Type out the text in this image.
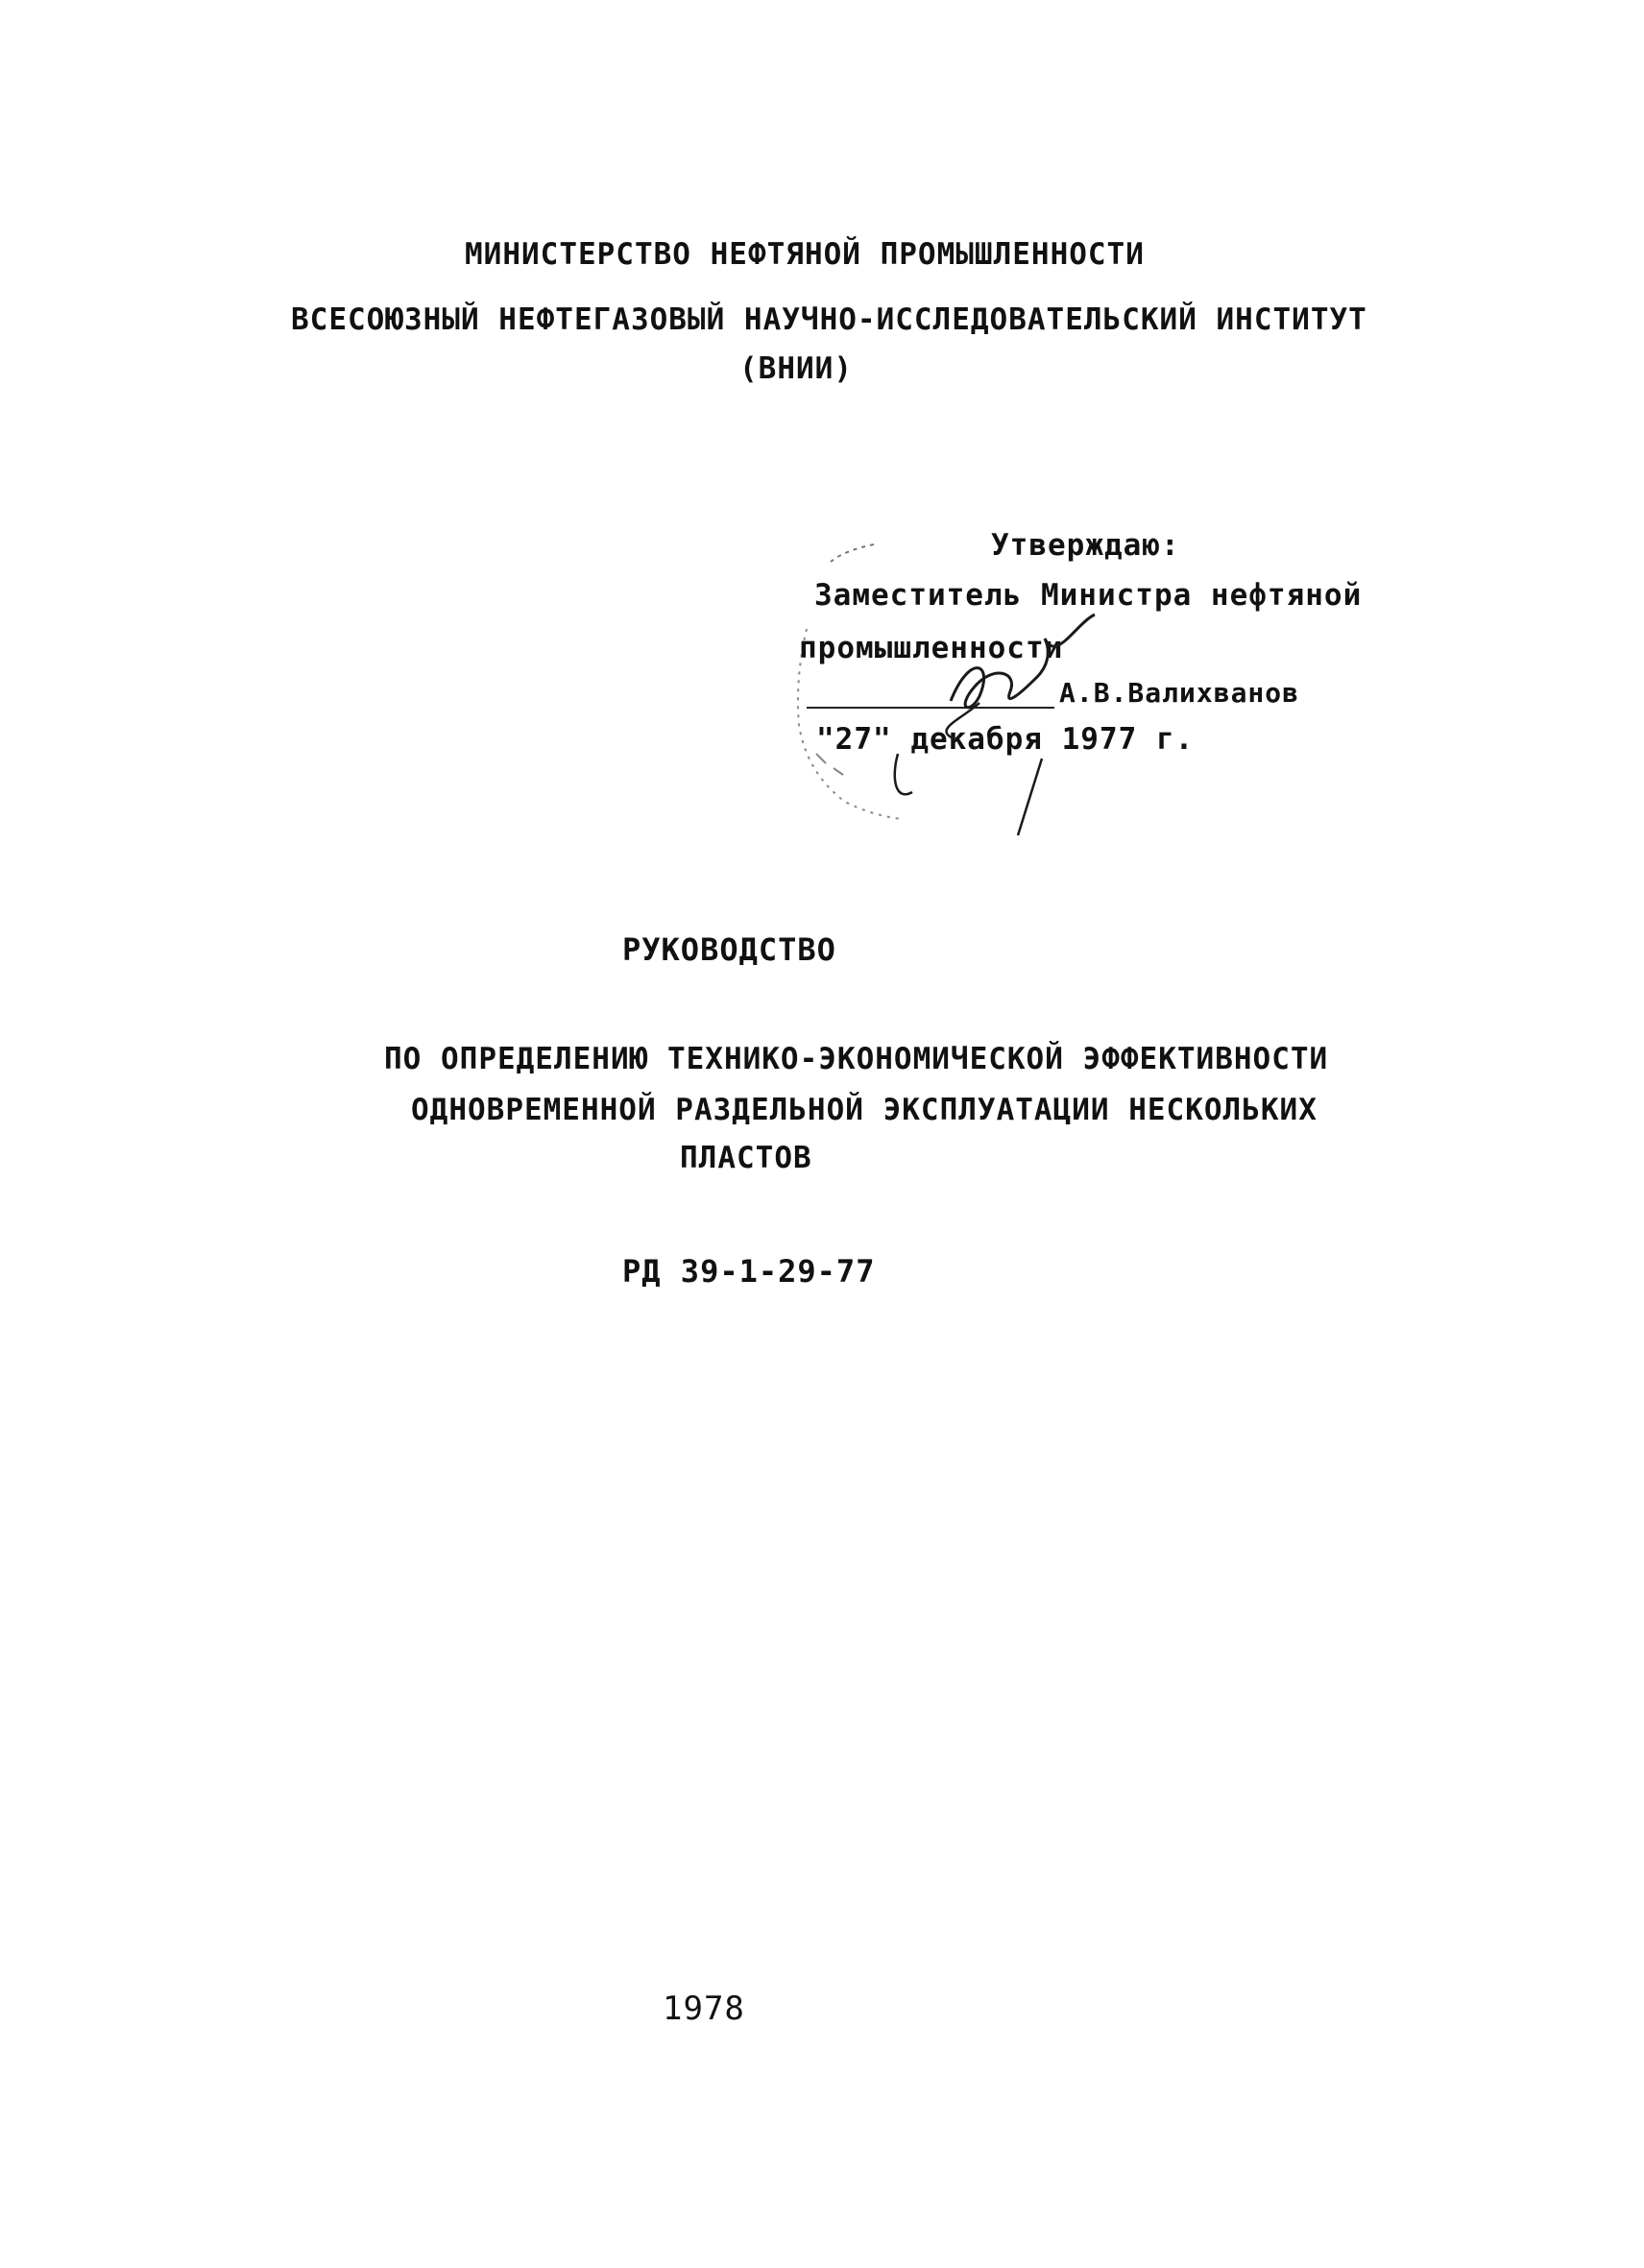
МИНИСТЕРСТВО НЕФТЯНОЙ ПРОМЫШЛЕННОСТИ
ВСЕСОЮЗНЫЙ НЕФТЕГАЗОВЫЙ НАУЧНО-ИССЛЕДОВАТЕЛЬСКИЙ ИНСТИТУТ
(ВНИИ)
Утверждаю:
Заместитель Министра нефтяной
промышленности
А.В.Валихванов
"27" декабря 1977 г.
РУКОВОДСТВО
ПО ОПРЕДЕЛЕНИЮ ТЕХНИКО-ЭКОНОМИЧЕСКОЙ ЭФФЕКТИВНОСТИ
ОДНОВРЕМЕННОЙ РАЗДЕЛЬНОЙ ЭКСПЛУАТАЦИИ НЕСКОЛЬКИХ
ПЛАСТОВ
РД 39-1-29-77
1978
